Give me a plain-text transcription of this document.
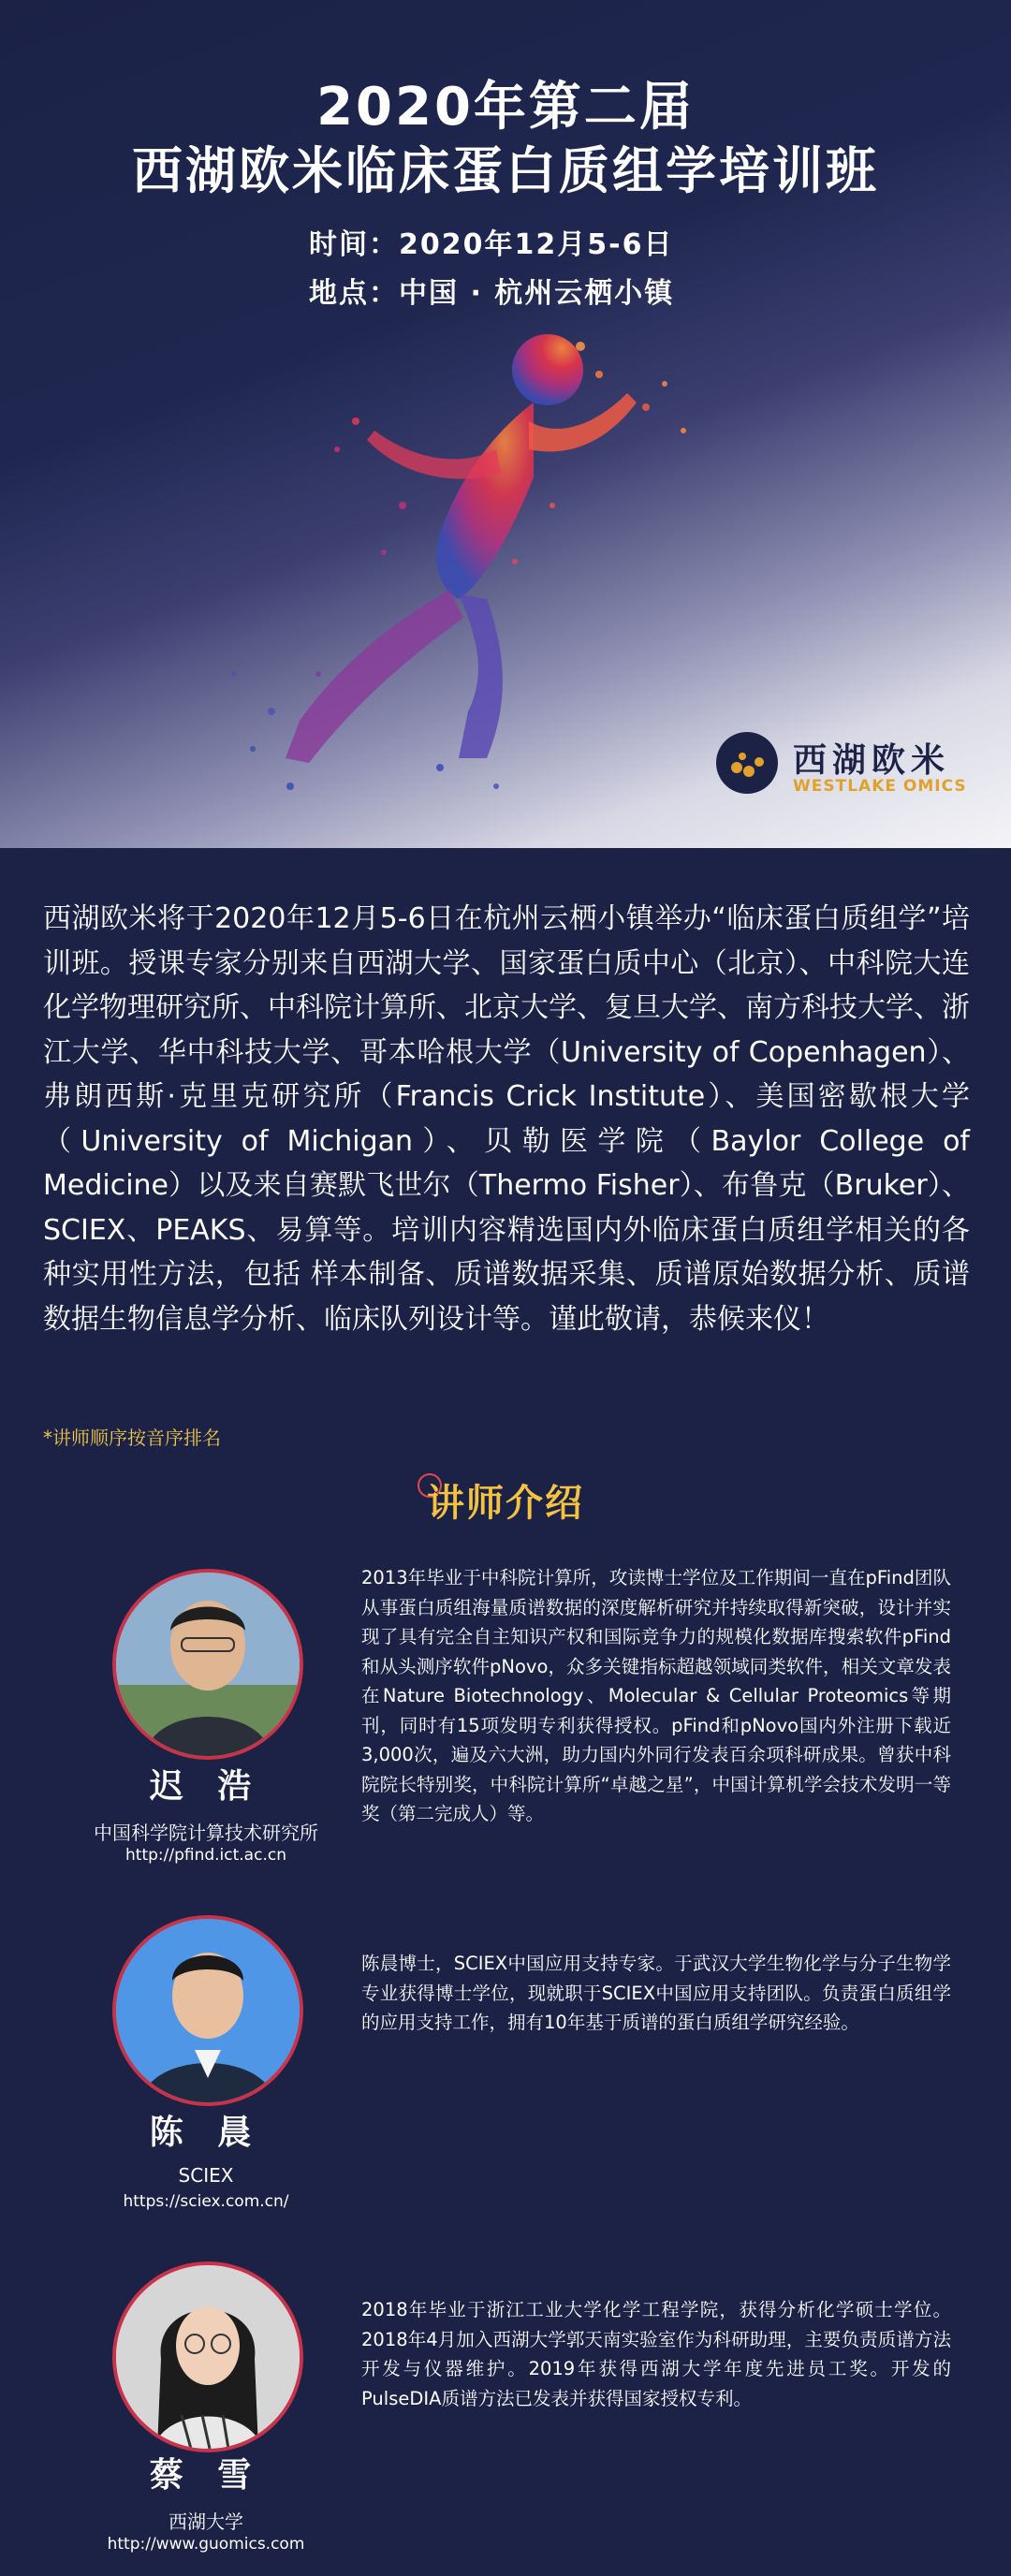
2020年第二届
西湖欧米临床蛋白质组学培训班
时间：2020年12月5-6日
地点：中国 · 杭州云栖小镇
西湖欧米
WESTLAKE OMICS
西湖欧米将于2020年12月5-6日在杭州云栖小镇举办“临床蛋白质组学”培训班。授课专家分别来自西湖大学、国家蛋白质中心（北京）、中科院大连化学物理研究所、中科院计算所、北京大学、复旦大学、南方科技大学、浙江大学、华中科技大学、哥本哈根大学（University of Copenhagen）、弗朗西斯·克里克研究所（Francis Crick Institute）、美国密歇根大学（University of Michigan）、贝勒医学院（Baylor College of Medicine）以及来自赛默飞世尔（Thermo Fisher）、布鲁克（Bruker）、SCIEX、PEAKS、易算等。培训内容精选国内外临床蛋白质组学相关的各种实用性方法，包括 样本制备、质谱数据采集、质谱原始数据分析、质谱数据生物信息学分析、临床队列设计等。谨此敬请，恭候来仪！
*讲师顺序按音序排名
讲师介绍
迟 浩
中国科学院计算技术研究所
http://pfind.ict.ac.cn
2013年毕业于中科院计算所，攻读博士学位及工作期间一直在pFind团队从事蛋白质组海量质谱数据的深度解析研究并持续取得新突破，设计并实现了具有完全自主知识产权和国际竞争力的规模化数据库搜索软件pFind和从头测序软件pNovo，众多关键指标超越领域同类软件，相关文章发表在Nature Biotechnology、Molecular & Cellular Proteomics等期刊，同时有15项发明专利获得授权。pFind和pNovo国内外注册下载近3,000次，遍及六大洲，助力国内外同行发表百余项科研成果。曾获中科院院长特别奖，中科院计算所“卓越之星”，中国计算机学会技术发明一等奖（第二完成人）等。
陈 晨
SCIEX
https://sciex.com.cn/
陈晨博士，SCIEX中国应用支持专家。于武汉大学生物化学与分子生物学专业获得博士学位，现就职于SCIEX中国应用支持团队。负责蛋白质组学的应用支持工作，拥有10年基于质谱的蛋白质组学研究经验。
蔡 雪
西湖大学
http://www.guomics.com
2018年毕业于浙江工业大学化学工程学院，获得分析化学硕士学位。2018年4月加入西湖大学郭天南实验室作为科研助理，主要负责质谱方法开发与仪器维护。2019年获得西湖大学年度先进员工奖。开发的PulseDIA质谱方法已发表并获得国家授权专利。
